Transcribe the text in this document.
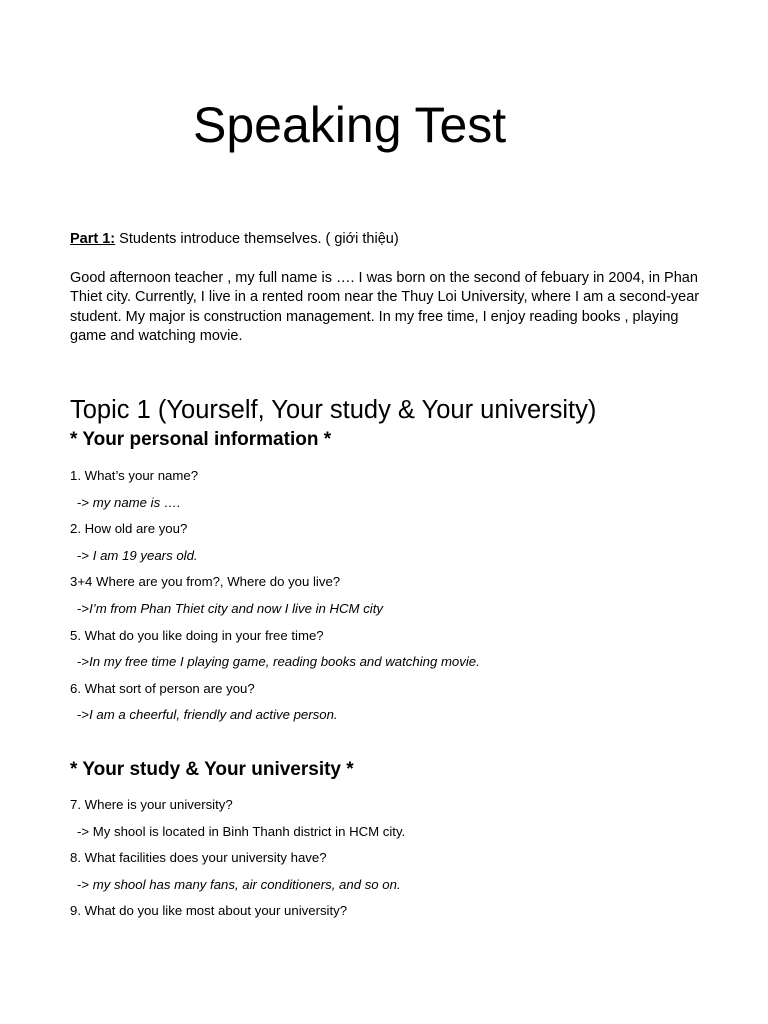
Speaking Test

Part 1: Students introduce themselves. ( giới thiệu)

Good afternoon teacher , my full name is …. I was born on the second of febuary in 2004, in Phan Thiet city. Currently, I live in a rented room near the Thuy Loi University, where I am a second-year student. My major is construction management. In my free time, I enjoy reading books , playing game and watching movie.

Topic 1 (Yourself, Your study & Your university)
* Your personal information *
1. What’s your name?
-> my name is ….
2. How old are you?
-> I am 19 years old.
3+4 Where are you from?, Where do you live?
->I’m from Phan Thiet city and now I live in HCM city
5. What do you like doing in your free time?
->In my free time I playing game, reading books and watching movie.
6. What sort of person are you?
->I am a cheerful, friendly and active person.
* Your study & Your university *
7. Where is your university?
-> My shool is located in Binh Thanh district in HCM city.
8. What facilities does your university have?
-> my shool has many fans, air conditioners, and so on.
9. What do you like most about your university?
